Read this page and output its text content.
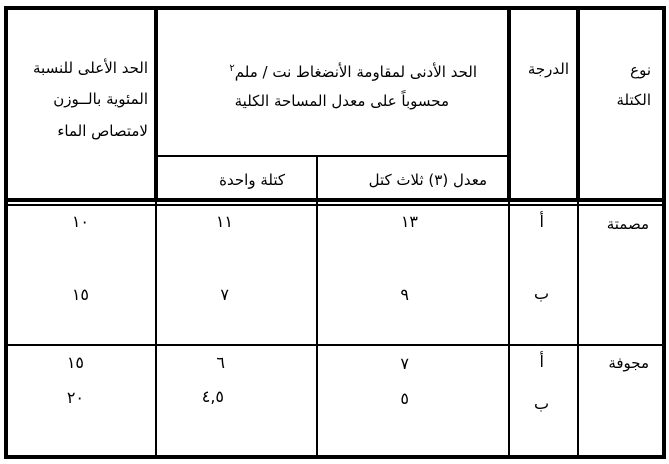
نوع الكتلة
الدرجة
الحد الأدنى لمقاومة الأنضغاط نت / ملم$^٢$
محسوباً على معدل المساحة الكلية
معدل (٣) ثلاث كتل
كتلة واحدة
الحد الأعلى للنسبة
المئوية بالــوزن
لامتصاص الماء
مصمتة
أ
ب
١٣
٩
١١
٧
١٠
١٥
مجوفة
أ
ب
٧
٥
٦
٤,٥
١٥
٢٠
